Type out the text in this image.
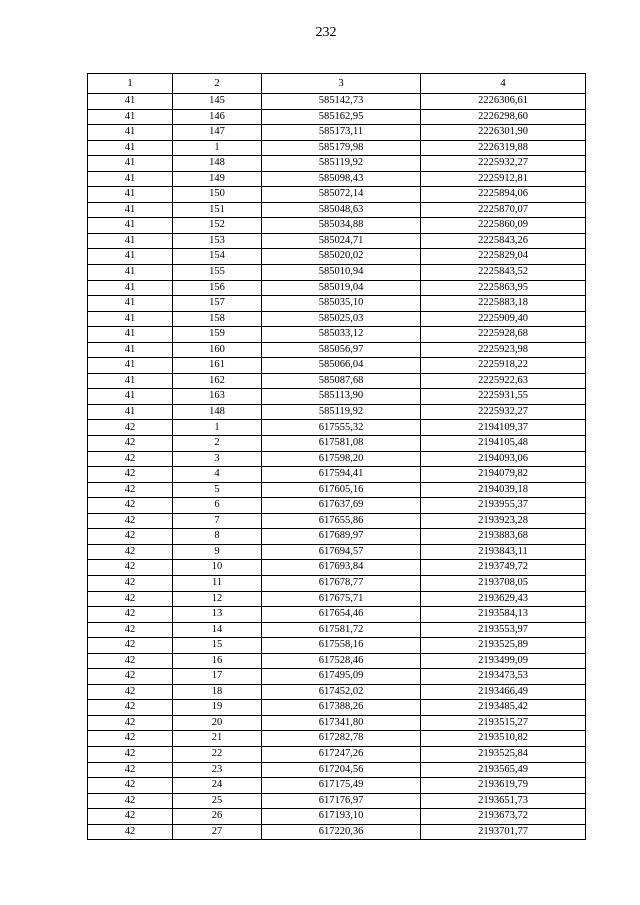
232
1	2	3	4
41	145	585142,73	2226306,61
41	146	585162,95	2226298,60
41	147	585173,11	2226301,90
41	1	585179,98	2226319,88
41	148	585119,92	2225932,27
41	149	585098,43	2225912,81
41	150	585072,14	2225894,06
41	151	585048,63	2225870,07
41	152	585034,88	2225860,09
41	153	585024,71	2225843,26
41	154	585020,02	2225829,04
41	155	585010,94	2225843,52
41	156	585019,04	2225863,95
41	157	585035,10	2225883,18
41	158	585025,03	2225909,40
41	159	585033,12	2225928,68
41	160	585056,97	2225923,98
41	161	585066,04	2225918,22
41	162	585087,68	2225922,63
41	163	585113,90	2225931,55
41	148	585119,92	2225932,27
42	1	617555,32	2194109,37
42	2	617581,08	2194105,48
42	3	617598,20	2194093,06
42	4	617594,41	2194079,82
42	5	617605,16	2194039,18
42	6	617637,69	2193955,37
42	7	617655,86	2193923,28
42	8	617689,97	2193883,68
42	9	617694,57	2193843,11
42	10	617693,84	2193749,72
42	11	617678,77	2193708,05
42	12	617675,71	2193629,43
42	13	617654,46	2193584,13
42	14	617581,72	2193553,97
42	15	617558,16	2193525,89
42	16	617528,46	2193499,09
42	17	617495,09	2193473,53
42	18	617452,02	2193466,49
42	19	617388,26	2193485,42
42	20	617341,80	2193515,27
42	21	617282,78	2193510,82
42	22	617247,26	2193525,84
42	23	617204,56	2193565,49
42	24	617175,49	2193619,79
42	25	617176,97	2193651,73
42	26	617193,10	2193673,72
42	27	617220,36	2193701,77
